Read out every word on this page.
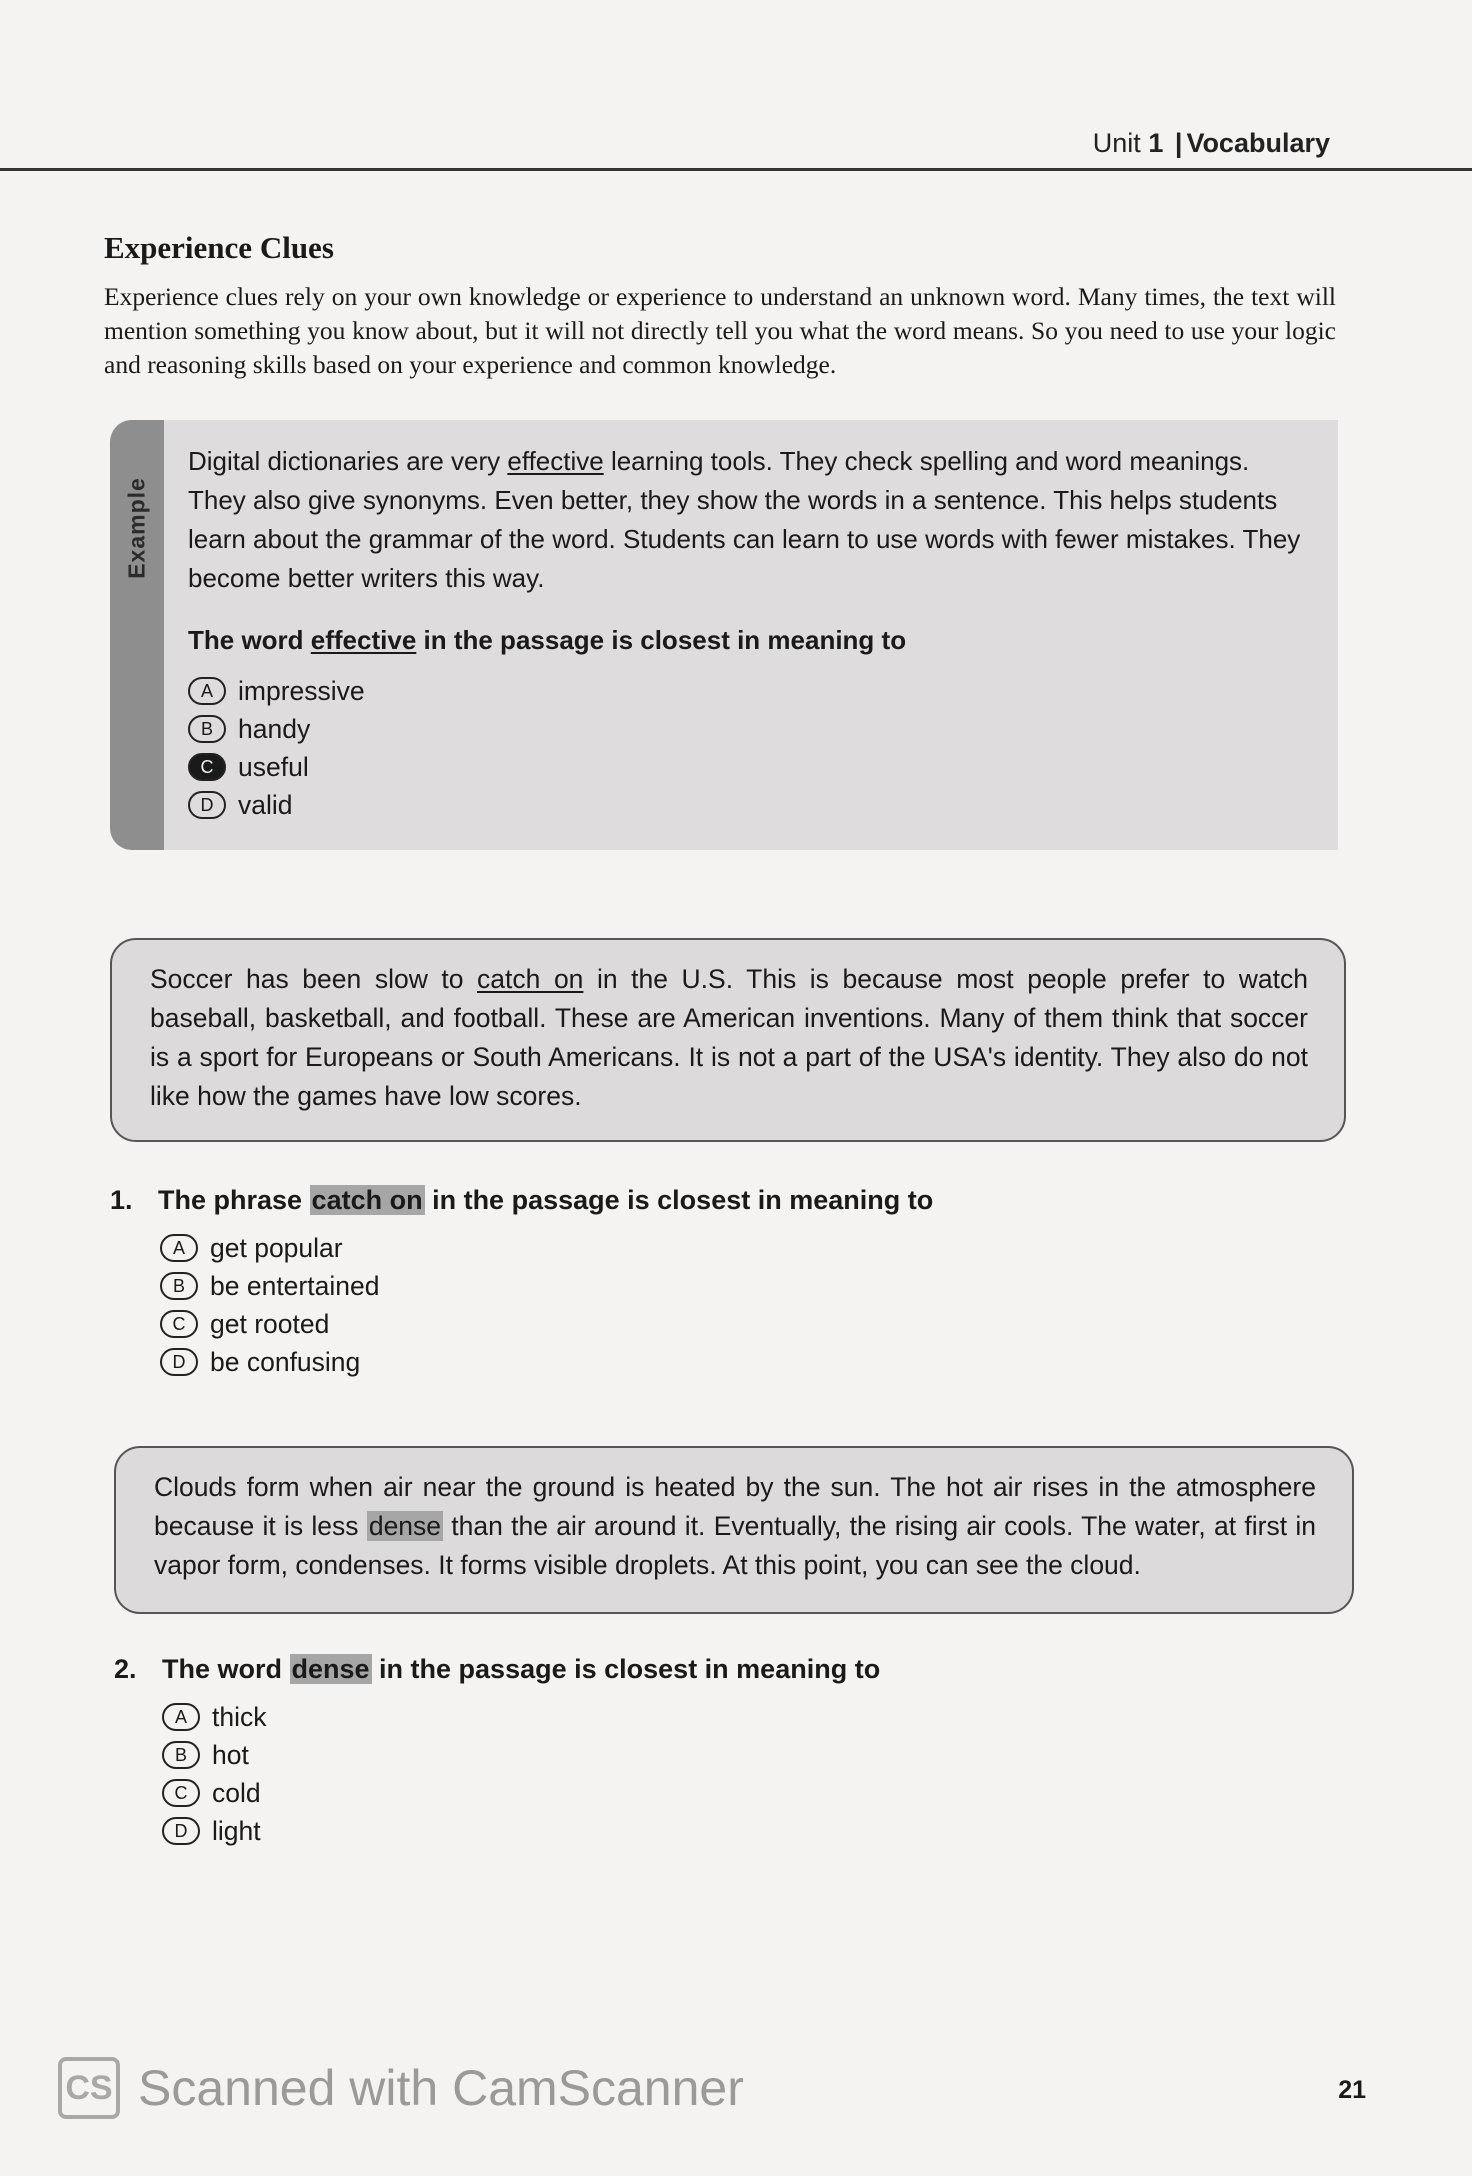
Unit 1 | Vocabulary
Experience Clues
Experience clues rely on your own knowledge or experience to understand an unknown word. Many times, the text will mention something you know about, but it will not directly tell you what the word means. So you need to use your logic and reasoning skills based on your experience and common knowledge.
Example
Digital dictionaries are very effective learning tools. They check spelling and word meanings. They also give synonyms. Even better, they show the words in a sentence. This helps students learn about the grammar of the word. Students can learn to use words with fewer mistakes. They become better writers this way.
The word effective in the passage is closest in meaning to
A impressive
B handy
C useful
D valid
Soccer has been slow to catch on in the U.S. This is because most people prefer to watch baseball, basketball, and football. These are American inventions. Many of them think that soccer is a sport for Europeans or South Americans. It is not a part of the USA's identity. They also do not like how the games have low scores.
1. The phrase catch on in the passage is closest in meaning to
A get popular
B be entertained
C get rooted
D be confusing
Clouds form when air near the ground is heated by the sun. The hot air rises in the atmosphere because it is less dense than the air around it. Eventually, the rising air cools. The water, at first in vapor form, condenses. It forms visible droplets. At this point, you can see the cloud.
2. The word dense in the passage is closest in meaning to
A thick
B hot
C cold
D light
CS Scanned with CamScanner	21
